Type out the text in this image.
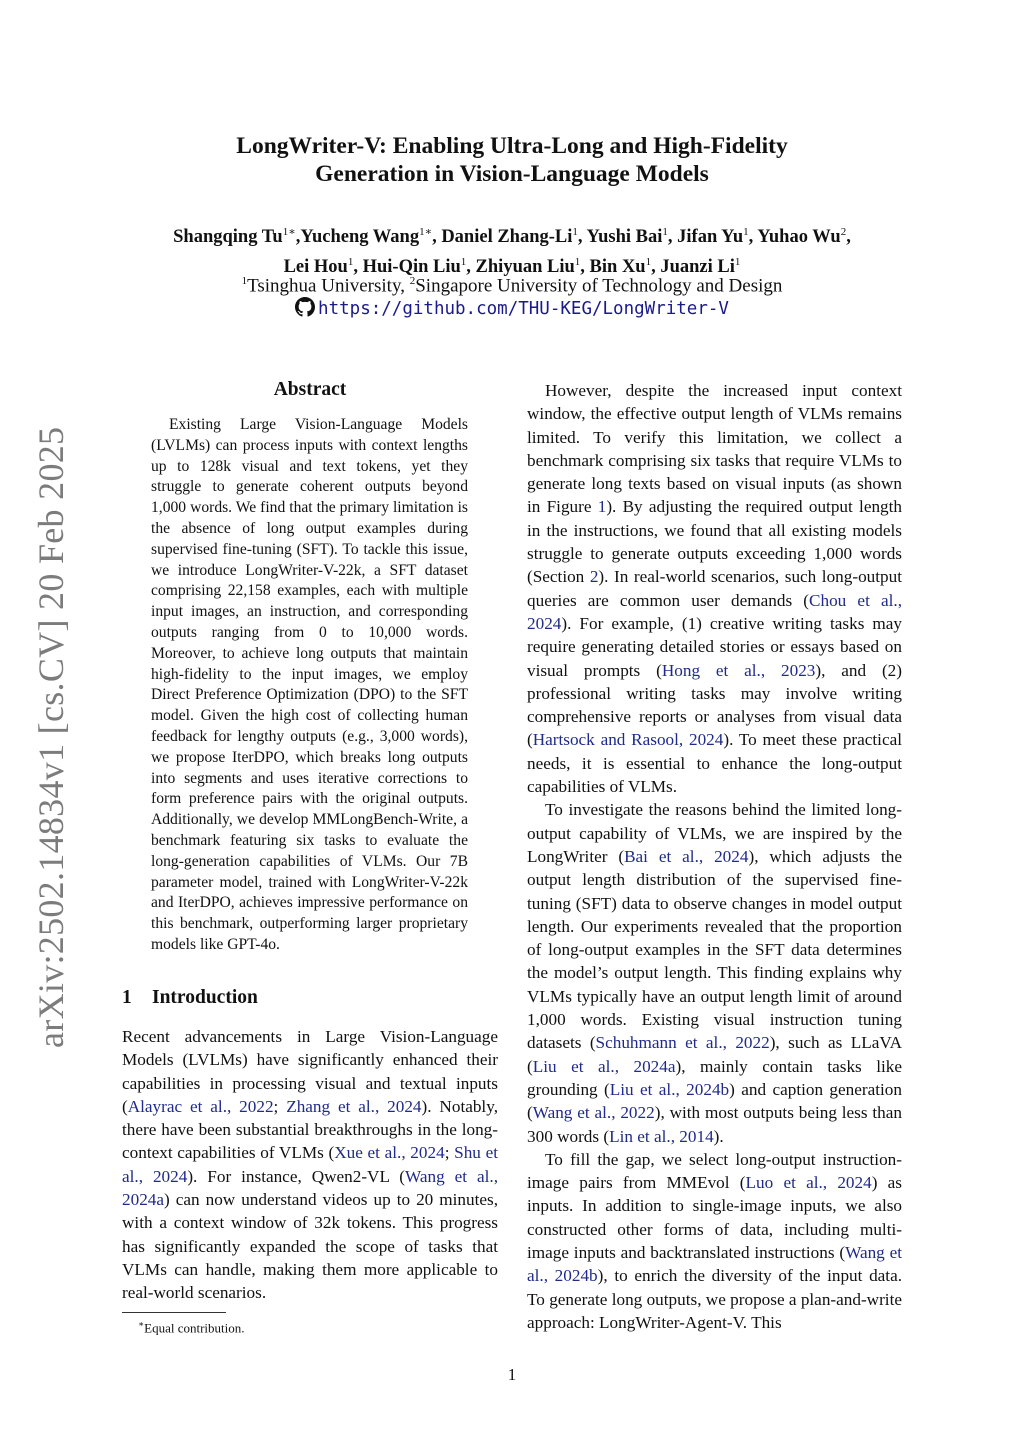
arXiv:2502.14834v1 [cs.CV] 20 Feb 2025
LongWriter-V: Enabling Ultra-Long and High-Fidelity
Generation in Vision-Language Models
Shangqing $Tu^{1∗},Yucheng$ Wang$^{1∗}$, Daniel Zhang-Li$^1$, Yushi Bai$^1$, Jifan Yu$^1$, Yuhao Wu$^2$,
Lei Hou$^1$, Hui-Qin Liu$^1$, Zhiyuan Liu$^1$, Bin Xu$^1$, Juanzi Li$^1$
$^1$Tsinghua University, $^2$Singapore University of Technology and Design
https://github.com/THU-KEG/LongWriter-V
Abstract

Existing Large Vision-Language Models (LVLMs) can process inputs with context lengths up to 128k visual and text tokens, yet they struggle to generate coherent outputs beyond 1,000 words. We find that the primary limitation is the absence of long output examples during supervised fine-tuning (SFT). To tackle this issue, we introduce LongWriter-V-22k, a SFT dataset comprising 22,158 examples, each with multiple input images, an instruction, and corresponding outputs ranging from 0 to 10,000 words. Moreover, to achieve long outputs that maintain high-fidelity to the input images, we employ Direct Preference Optimization (DPO) to the SFT model. Given the high cost of collecting human feedback for lengthy outputs (e.g., 3,000 words), we propose IterDPO, which breaks long outputs into segments and uses iterative corrections to form preference pairs with the original outputs. Additionally, we develop MMLongBench-Write, a benchmark featuring six tasks to evaluate the long-generation capabilities of VLMs. Our 7B parameter model, trained with LongWriter-V-22k and IterDPO, achieves impressive performance on this benchmark, outperforming larger proprietary models like GPT-4o.

1 Introduction

Recent advancements in Large Vision-Language Models (LVLMs) have significantly enhanced their capabilities in processing visual and textual inputs (Alayrac et al., 2022; Zhang et al., 2024). Notably, there have been substantial breakthroughs in the long-context capabilities of VLMs (Xue et al., 2024; Shu et al., 2024). For instance, Qwen2-VL (Wang et al., 2024a) can now understand videos up to 20 minutes, with a context window of 32k tokens. This progress has significantly expanded the scope of tasks that VLMs can handle, making them more applicable to real-world scenarios.

However, despite the increased input context window, the effective output length of VLMs remains limited. To verify this limitation, we collect a benchmark comprising six tasks that require VLMs to generate long texts based on visual inputs (as shown in Figure 1). By adjusting the required output length in the instructions, we found that all existing models struggle to generate outputs exceeding 1,000 words (Section 2). In real-world scenarios, such long-output queries are common user demands (Chou et al., 2024). For example, (1) creative writing tasks may require generating detailed stories or essays based on visual prompts (Hong et al., 2023), and (2) professional writing tasks may involve writing comprehensive reports or analyses from visual data (Hartsock and Rasool, 2024). To meet these practical needs, it is essential to enhance the long-output capabilities of VLMs.

To investigate the reasons behind the limited long-output capability of VLMs, we are inspired by the LongWriter (Bai et al., 2024), which adjusts the output length distribution of the supervised fine-tuning (SFT) data to observe changes in model output length. Our experiments revealed that the proportion of long-output examples in the SFT data determines the model’s output length. This finding explains why VLMs typically have an output length limit of around 1,000 words. Existing visual instruction tuning datasets (Schuhmann et al., 2022), such as LLaVA (Liu et al., 2024a), mainly contain tasks like grounding (Liu et al., 2024b) and caption generation (Wang et al., 2022), with most outputs being less than 300 words (Lin et al., 2014).

To fill the gap, we select long-output instruction-image pairs from MMEvol (Luo et al., 2024) as inputs. In addition to single-image inputs, we also constructed other forms of data, including multi-image inputs and backtranslated instructions (Wang et al., 2024b), to enrich the diversity of the input data. To generate long outputs, we propose a plan-and-write approach: LongWriter-Agent-V. This

∗Equal contribution.
1
